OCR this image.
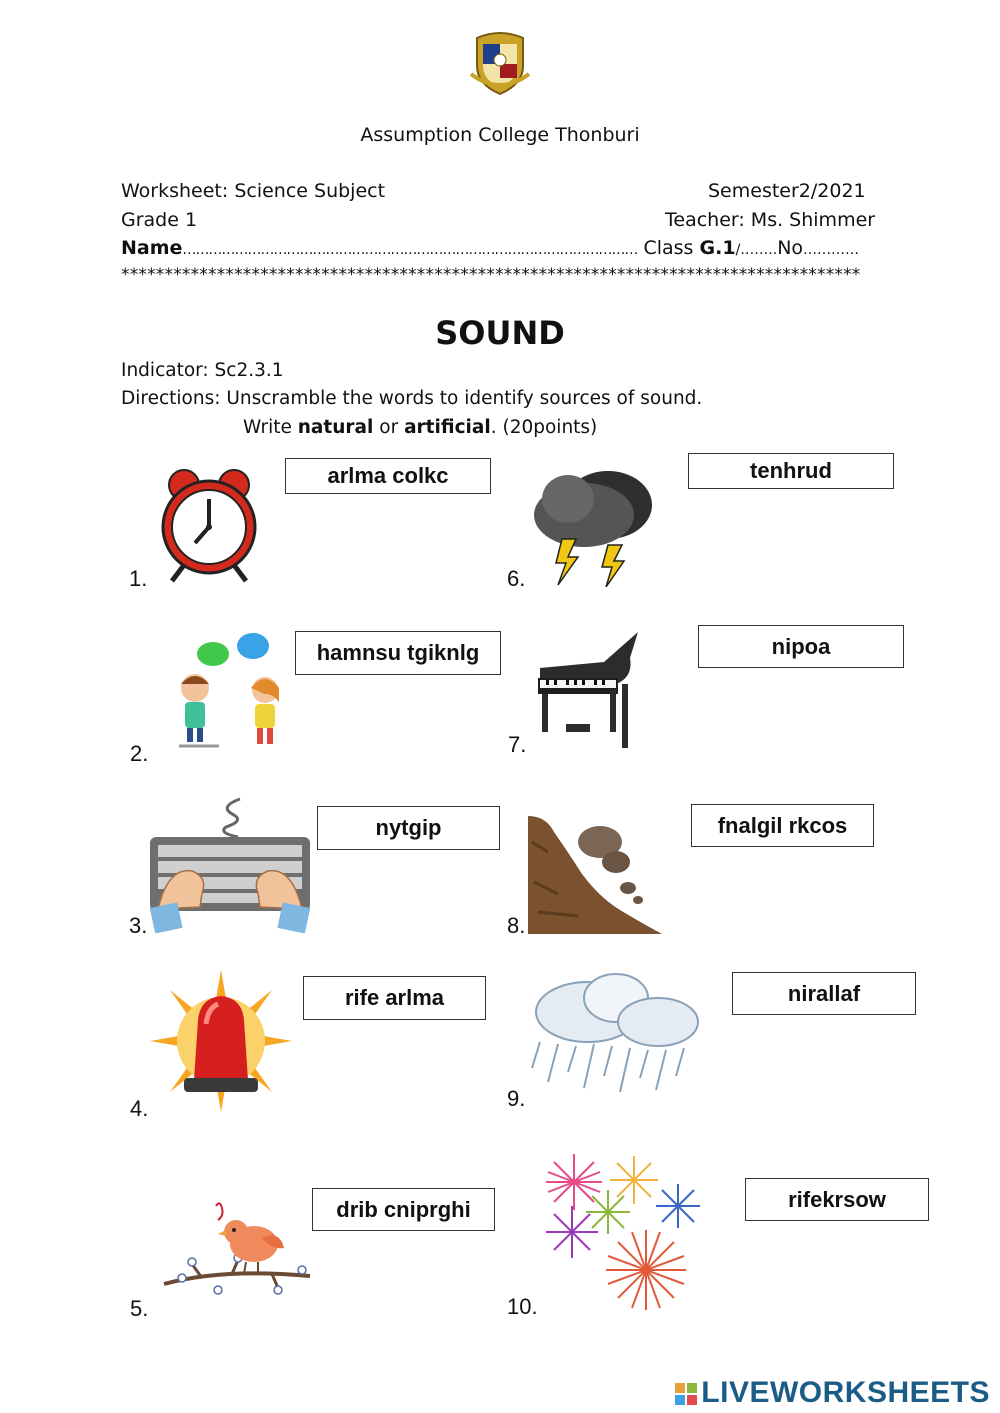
Assumption College Thonburi
Worksheet: Science Subject	Semester2/2021
Grade 1	Teacher: Ms. Shimmer
Name…………………………………………………………………………………………… Class G.1/……..No…………
*************************************************************************************
SOUND
Indicator: Sc2.3.1
Directions: Unscramble the words to identify sources of sound.
Write natural or artificial. (20points)
arlma colkc
1.
tenhrud
6.
hamnsu tgiknlg
2.
nipoa
7.
nytgip
3.
fnalgil rkcos
8.
rife arlma
4.
nirallaf
9.
drib cniprghi
5.
rifekrsow
10.
LIVEWORKSHEETS
